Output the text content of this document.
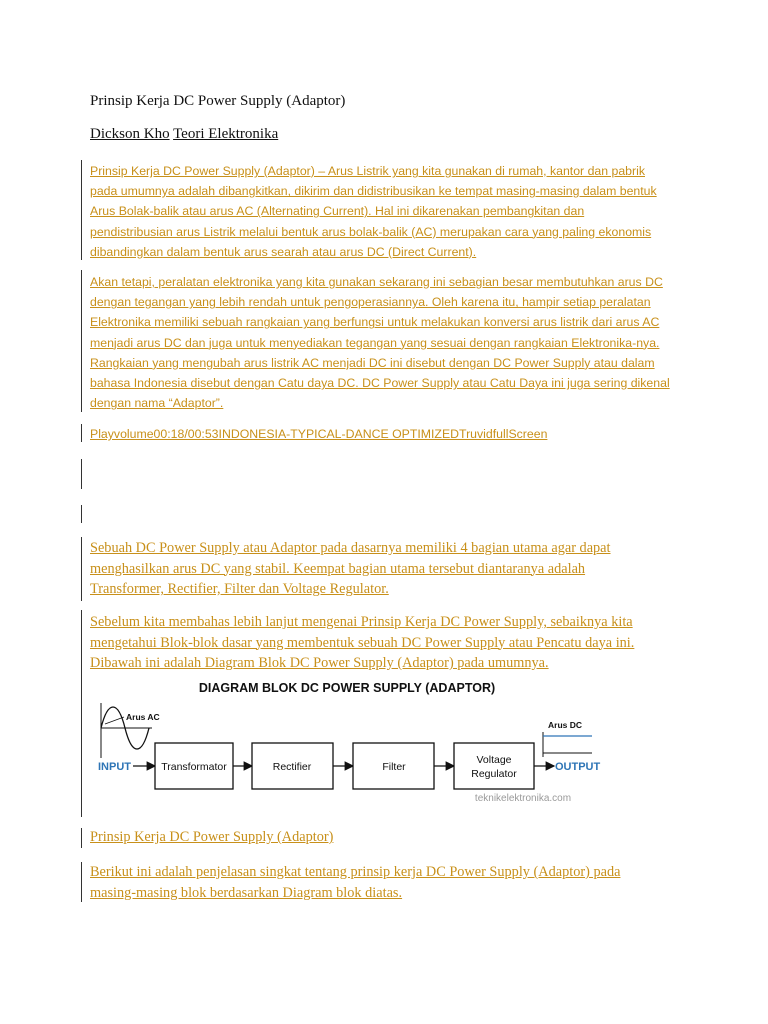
Prinsip Kerja DC Power Supply (Adaptor)
Dickson Kho Teori Elektronika
Prinsip Kerja DC Power Supply (Adaptor) – Arus Listrik yang kita gunakan di rumah, kantor dan pabrik
pada umumnya adalah dibangkitkan, dikirim dan didistribusikan ke tempat masing-masing dalam bentuk
Arus Bolak-balik atau arus AC (Alternating Current). Hal ini dikarenakan pembangkitan dan
pendistribusian arus Listrik melalui bentuk arus bolak-balik (AC) merupakan cara yang paling ekonomis
dibandingkan dalam bentuk arus searah atau arus DC (Direct Current).
Akan tetapi, peralatan elektronika yang kita gunakan sekarang ini sebagian besar membutuhkan arus DC
dengan tegangan yang lebih rendah untuk pengoperasiannya. Oleh karena itu, hampir setiap peralatan
Elektronika memiliki sebuah rangkaian yang berfungsi untuk melakukan konversi arus listrik dari arus AC
menjadi arus DC dan juga untuk menyediakan tegangan yang sesuai dengan rangkaian Elektronika-nya.
Rangkaian yang mengubah arus listrik AC menjadi DC ini disebut dengan DC Power Supply atau dalam
bahasa Indonesia disebut dengan Catu daya DC. DC Power Supply atau Catu Daya ini juga sering dikenal
dengan nama “Adaptor”.
Playvolume00:18/00:53INDONESIA-TYPICAL-DANCE OPTIMIZEDTruvidfullScreen
Sebuah DC Power Supply atau Adaptor pada dasarnya memiliki 4 bagian utama agar dapat
menghasilkan arus DC yang stabil. Keempat bagian utama tersebut diantaranya adalah
Transformer, Rectifier, Filter dan Voltage Regulator.
Sebelum kita membahas lebih lanjut mengenai Prinsip Kerja DC Power Supply, sebaiknya kita
mengetahui Blok-blok dasar yang membentuk sebuah DC Power Supply atau Pencatu daya ini.
Dibawah ini adalah Diagram Blok DC Power Supply (Adaptor) pada umumnya.
DIAGRAM BLOK DC POWER SUPPLY (ADAPTOR)
Arus AC
INPUT	Transformator	Rectifier	Filter
Voltage
Regulator
OUTPUT
Arus DC
teknikelektronika.com
Prinsip Kerja DC Power Supply (Adaptor)
Berikut ini adalah penjelasan singkat tentang prinsip kerja DC Power Supply (Adaptor) pada
masing-masing blok berdasarkan Diagram blok diatas.
